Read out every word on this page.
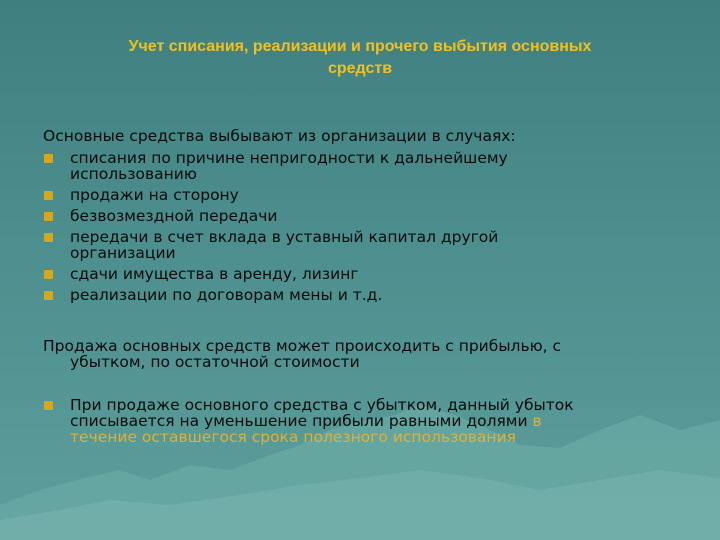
Учет списания, реализации и прочего выбытия основных
средств
Основные средства выбывают из организации в случаях:
списания по причине непригодности к дальнейшему
использованию
продажи на сторону
безвозмездной передачи
передачи в счет вклада в уставный капитал другой
организации
сдачи имущества в аренду, лизинг
реализации по договорам мены и т.д.
Продажа основных средств может происходить с прибылью, с
убытком, по остаточной стоимости
При продаже основного средства с убытком, данный убыток
списывается на уменьшение прибыли равными долями в
течение оставшегося срока полезного использования
